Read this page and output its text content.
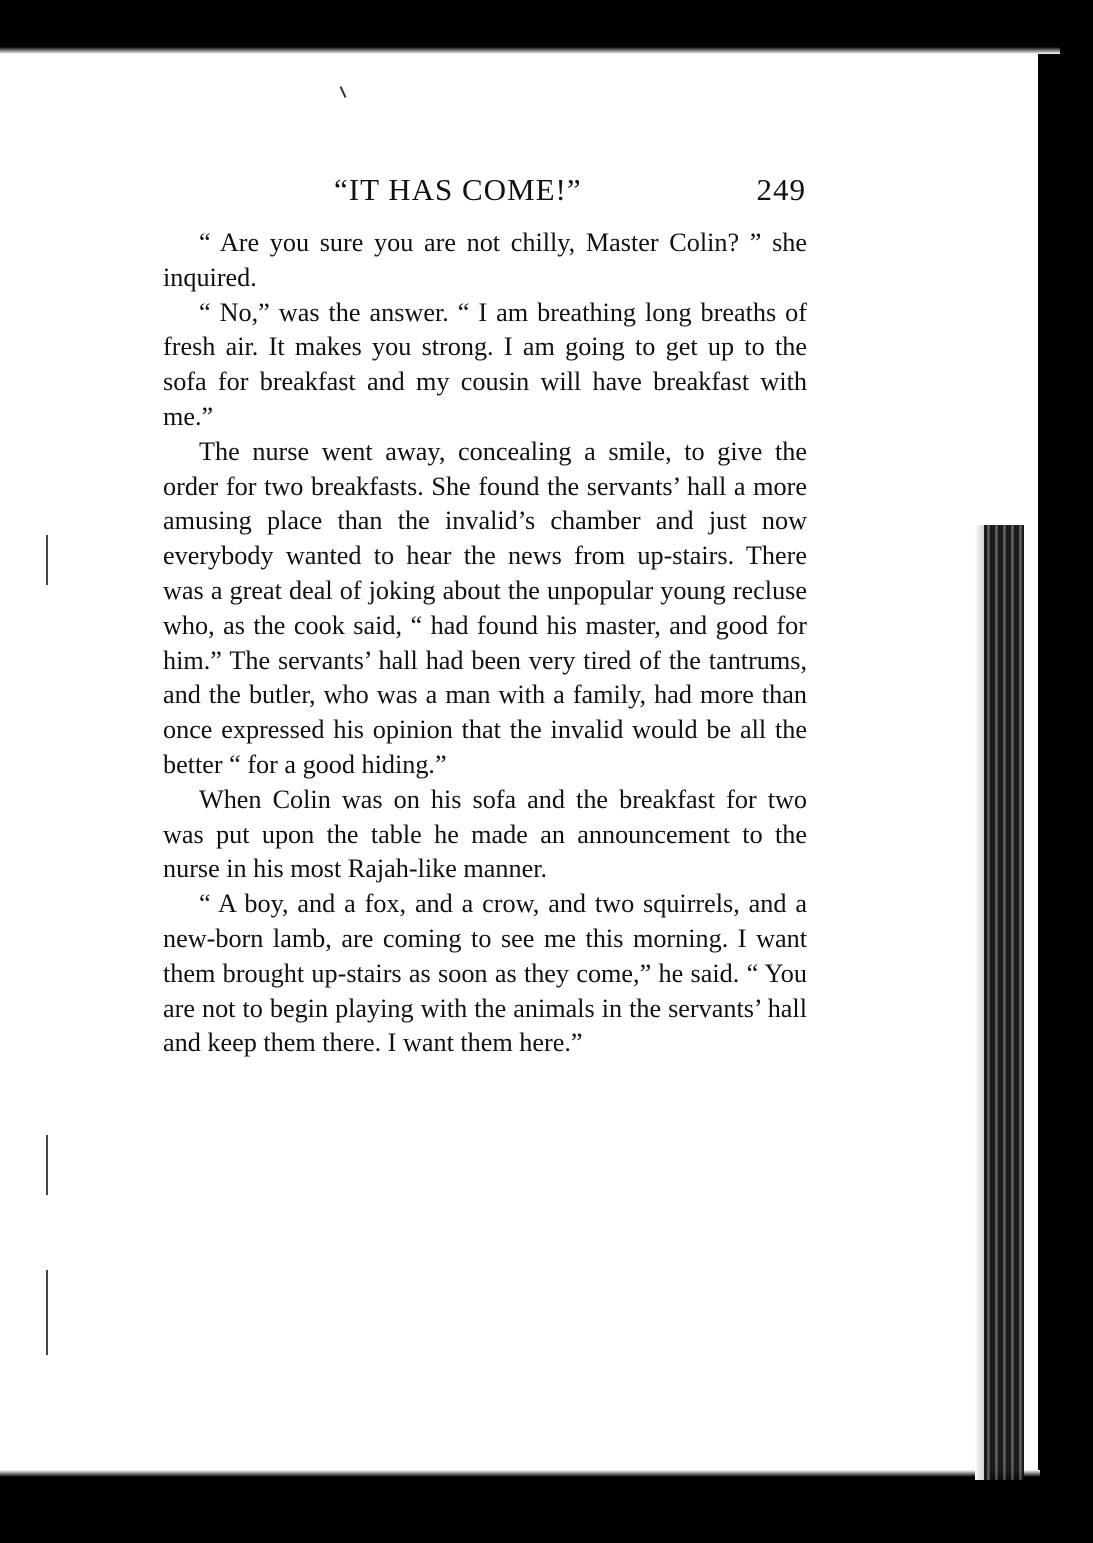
“IT HAS COME!”	249

“ Are you sure you are not chilly, Master Colin? ” she inquired.

“ No,” was the answer. “ I am breathing long breaths of fresh air. It makes you strong. I am going to get up to the sofa for breakfast and my cousin will have breakfast with me.”

The nurse went away, concealing a smile, to give the order for two breakfasts. She found the servants’ hall a more amusing place than the invalid’s chamber and just now everybody wanted to hear the news from up-stairs. There was a great deal of joking about the unpopular young recluse who, as the cook said, “ had found his master, and good for him.” The servants’ hall had been very tired of the tantrums, and the butler, who was a man with a family, had more than once expressed his opinion that the invalid would be all the better “ for a good hiding.”

When Colin was on his sofa and the breakfast for two was put upon the table he made an announcement to the nurse in his most Rajah-like manner.

“ A boy, and a fox, and a crow, and two squirrels, and a new-born lamb, are coming to see me this morning. I want them brought up-stairs as soon as they come,” he said. “ You are not to begin playing with the animals in the servants’ hall and keep them there. I want them here.”
